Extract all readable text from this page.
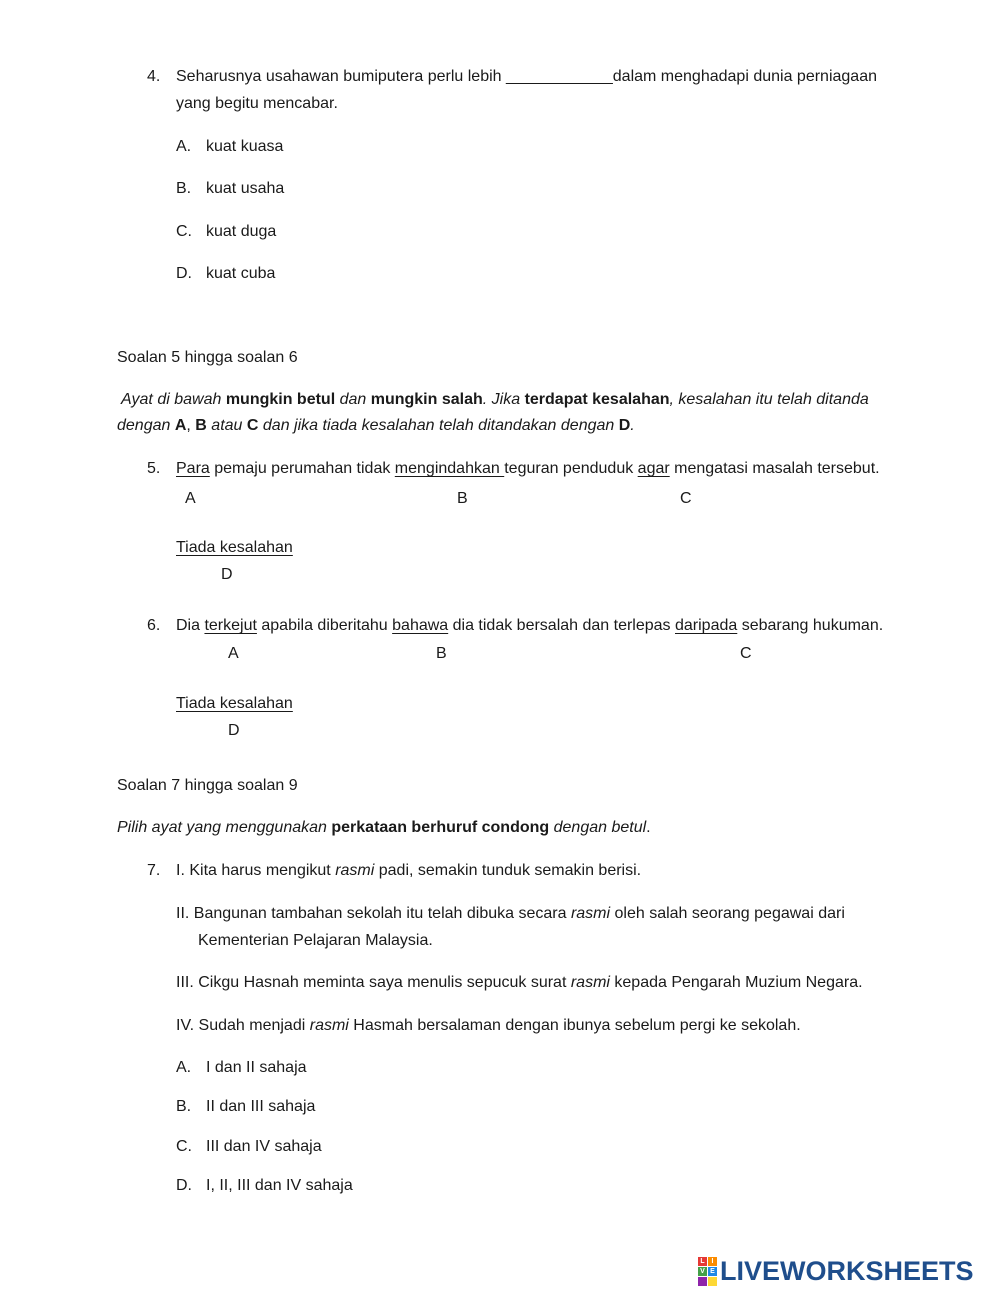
4. Seharusnya usahawan bumiputera perlu lebih ____________dalam menghadapi dunia perniagaan
yang begitu mencabar.
A. kuat kuasa
B. kuat usaha
C. kuat duga
D. kuat cuba
Soalan 5 hingga soalan 6
Ayat di bawah mungkin betul dan mungkin salah. Jika terdapat kesalahan, kesalahan itu telah ditanda
dengan A, B atau C dan jika tiada kesalahan telah ditandakan dengan D.
5. Para pemaju perumahan tidak mengindahkan teguran penduduk agar mengatasi masalah tersebut.
A	B	C
Tiada kesalahan
D
6. Dia terkejut apabila diberitahu bahawa dia tidak bersalah dan terlepas daripada sebarang hukuman.
A	B	C
Tiada kesalahan
D
Soalan 7 hingga soalan 9
Pilih ayat yang menggunakan perkataan berhuruf condong dengan betul.
7. I. Kita harus mengikut rasmi padi, semakin tunduk semakin berisi.
II. Bangunan tambahan sekolah itu telah dibuka secara rasmi oleh salah seorang pegawai dari
Kementerian Pelajaran Malaysia.
III. Cikgu Hasnah meminta saya menulis sepucuk surat rasmi kepada Pengarah Muzium Negara.
IV. Sudah menjadi rasmi Hasmah bersalaman dengan ibunya sebelum pergi ke sekolah.
A. I dan II sahaja
B. II dan III sahaja
C. III dan IV sahaja
D. I, II, III dan IV sahaja
L I
V E LIVEWORKSHEETS
